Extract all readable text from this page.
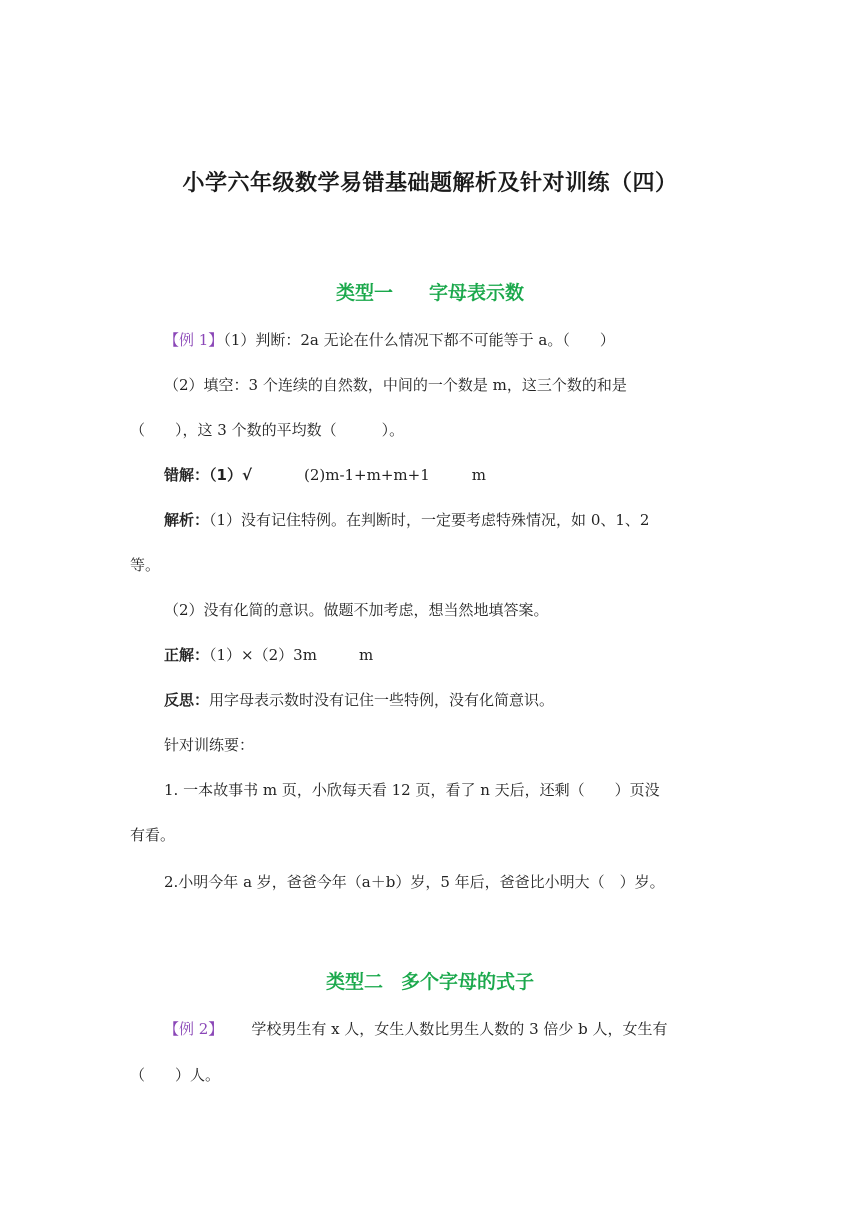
小学六年级数学易错基础题解析及针对训练（四）
类型一 字母表示数
【例 1】（1）判断：2a 无论在什么情况下都不可能等于 a。（　　）
（2）填空：3 个连续的自然数，中间的一个数是 m，这三个数的和是
（　　），这 3 个数的平均数（　　　）。
错解：（1）√	(2)m-1+m+m+1	m
解析：（1）没有记住特例。在判断时，一定要考虑特殊情况，如 0、1、2
等。
（2）没有化简的意识。做题不加考虑，想当然地填答案。
正解：（1）×（2）3m	m
反思：用字母表示数时没有记住一些特例，没有化简意识。
针对训练要：
1. 一本故事书 m 页，小欣每天看 12 页，看了 n 天后，还剩（　　）页没
有看。
2.小明今年 a 岁，爸爸今年（a＋b）岁，5 年后，爸爸比小明大（　）岁。
类型二 多个字母的式子
【例 2】 学校男生有 x 人，女生人数比男生人数的 3 倍少 b 人，女生有
（　　）人。
